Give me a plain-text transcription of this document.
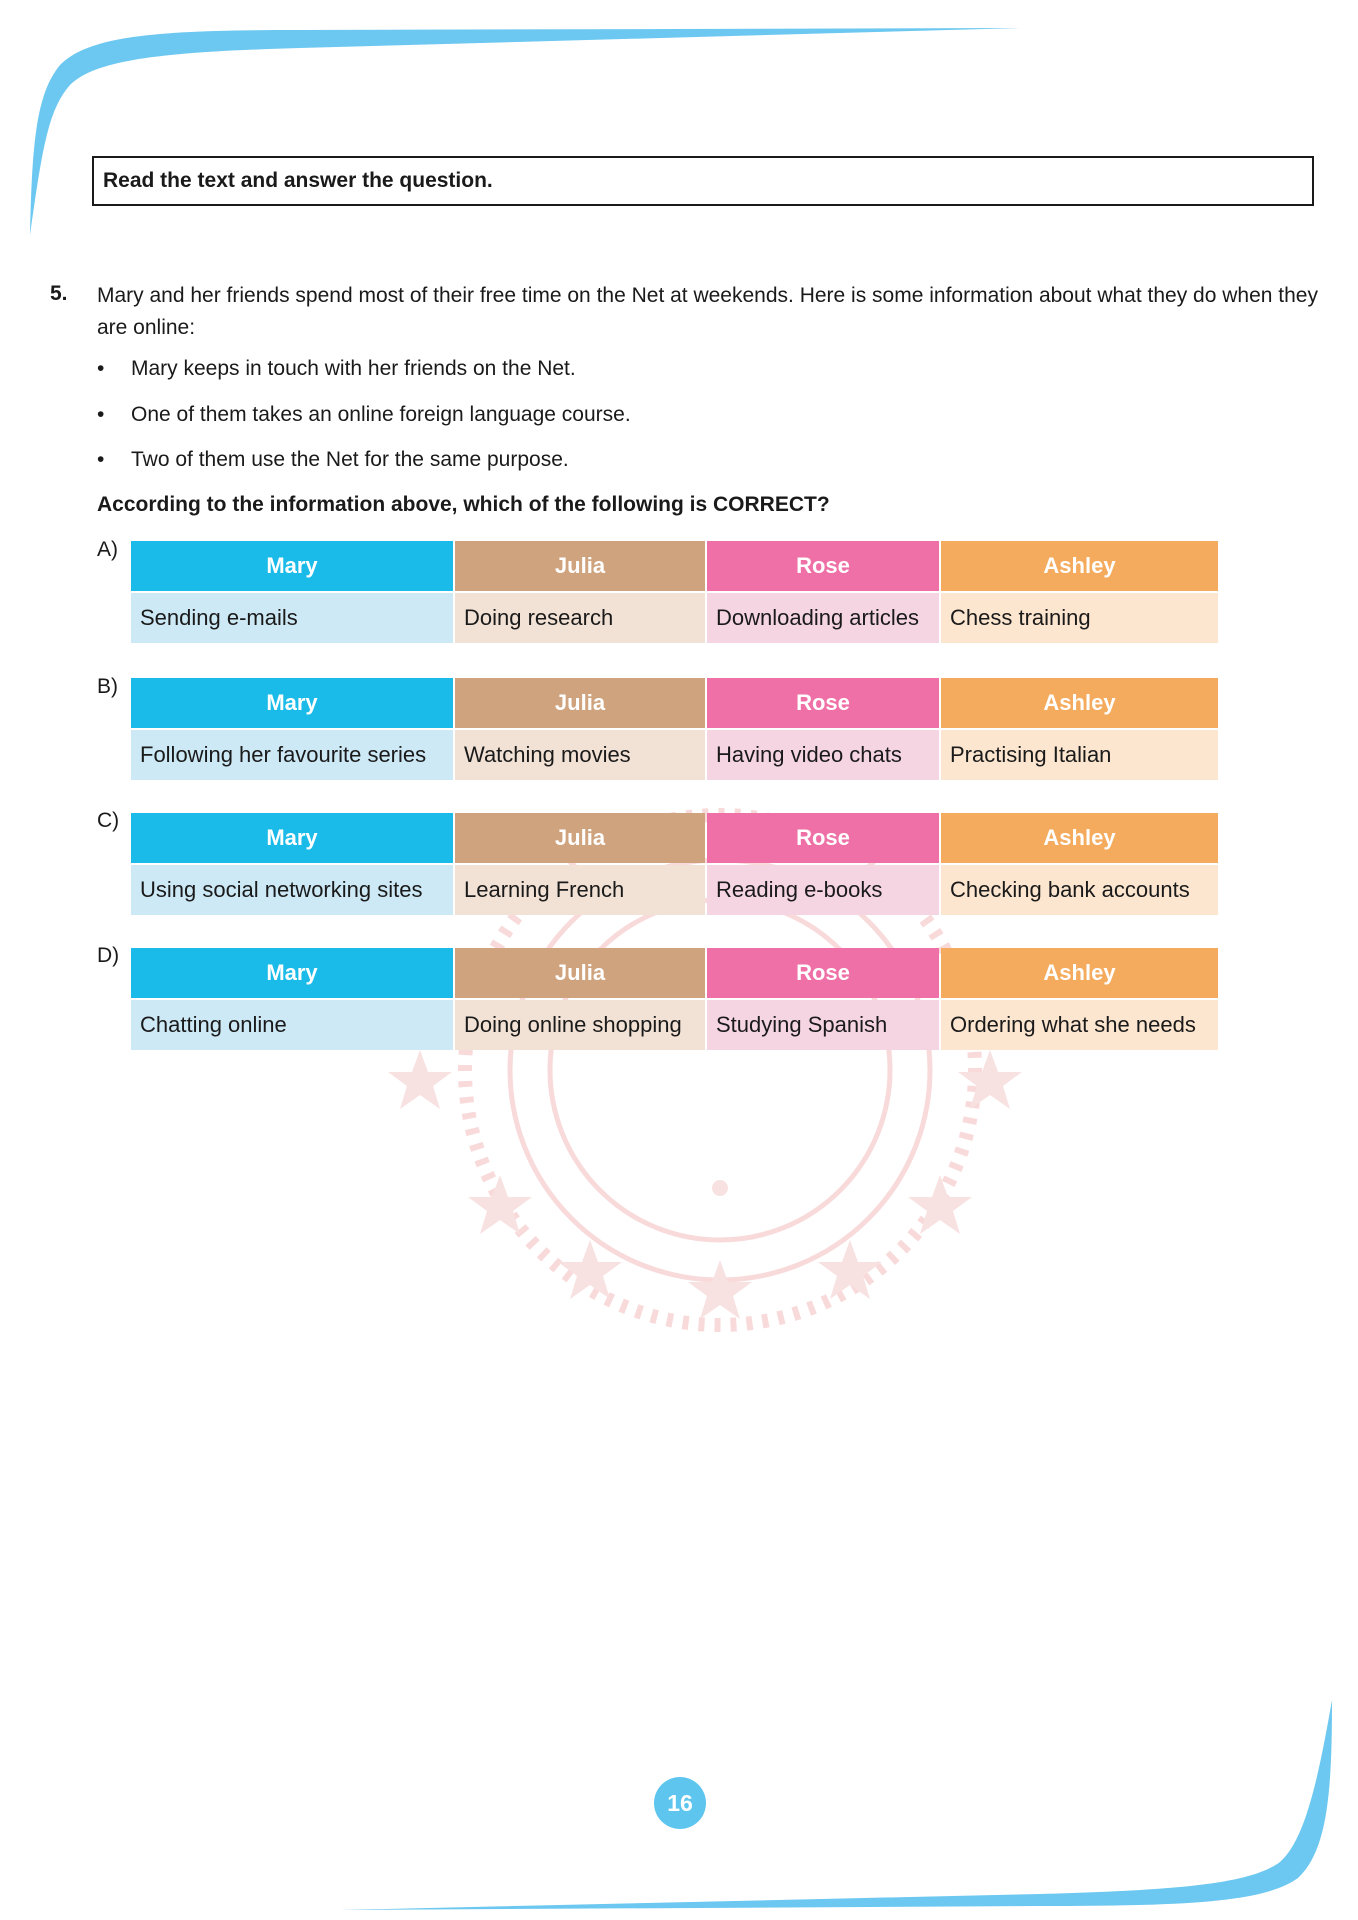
Read the text and answer the question.
5. Mary and her friends spend most of their free time on the Net at weekends. Here is some information about what they do when they are online:
• Mary keeps in touch with her friends on the Net.
• One of them takes an online foreign language course.
• Two of them use the Net for the same purpose.
According to the information above, which of the following is CORRECT?
A)
Mary	Julia	Rose	Ashley
Sending e-mails	Doing research	Downloading articles	Chess training
B)
Mary	Julia	Rose	Ashley
Following her favourite series	Watching movies	Having video chats	Practising Italian
C)
Mary	Julia	Rose	Ashley
Using social networking sites	Learning French	Reading e-books	Checking bank accounts
D)
Mary	Julia	Rose	Ashley
Chatting online	Doing online shopping	Studying Spanish	Ordering what she needs
16
